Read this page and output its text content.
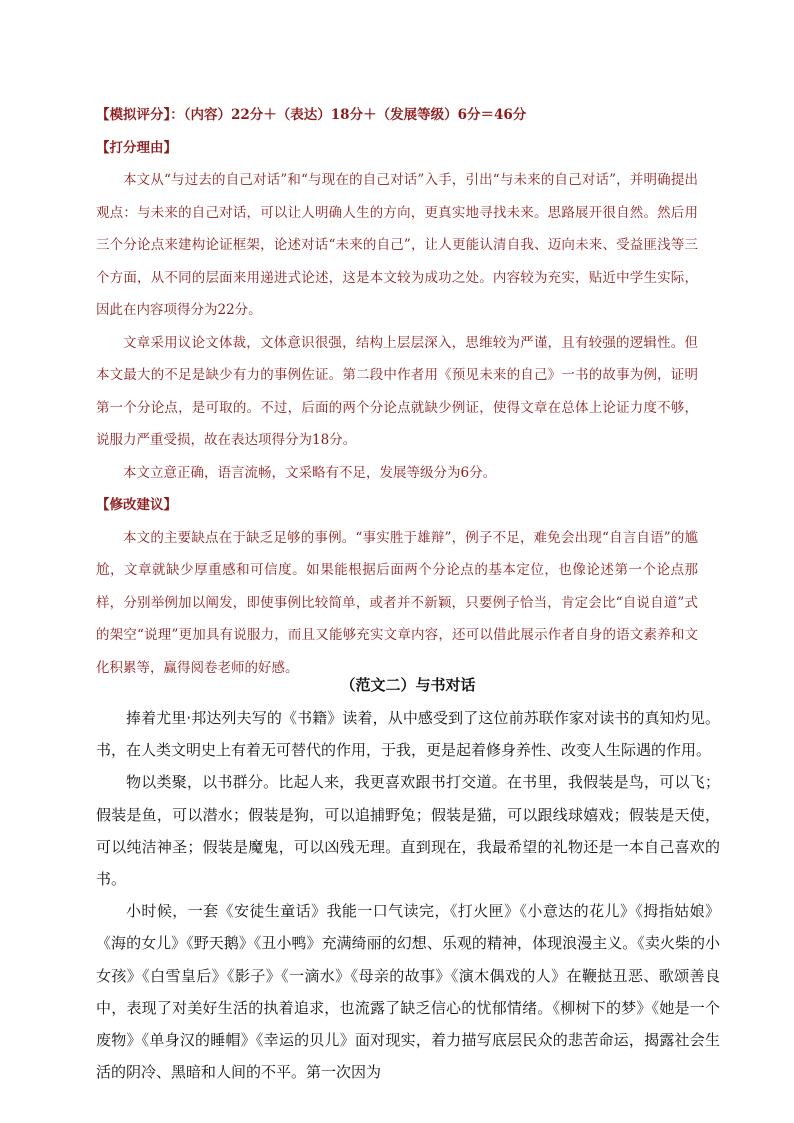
【模拟评分】：（内容）22分＋（表达）18分＋（发展等级）6分＝46分
【打分理由】

本文从“与过去的自己对话”和“与现在的自己对话”入手，引出“与未来的自己对话”，并明确提出观点：与未来的自己对话，可以让人明确人生的方向，更真实地寻找未来。思路展开很自然。然后用三个分论点来建构论证框架，论述对话“未来的自己”，让人更能认清自我、迈向未来、受益匪浅等三个方面，从不同的层面来用递进式论述，这是本文较为成功之处。内容较为充实，贴近中学生实际，因此在内容项得分为22分。

文章采用议论文体裁，文体意识很强，结构上层层深入，思维较为严谨，且有较强的逻辑性。但本文最大的不足是缺少有力的事例佐证。第二段中作者用《预见未来的自己》一书的故事为例，证明第一个分论点，是可取的。不过，后面的两个分论点就缺少例证，使得文章在总体上论证力度不够，说服力严重受损，故在表达项得分为18分。

本文立意正确，语言流畅，文采略有不足，发展等级分为6分。

【修改建议】

本文的主要缺点在于缺乏足够的事例。“事实胜于雄辩”，例子不足，难免会出现“自言自语”的尴尬，文章就缺少厚重感和可信度。如果能根据后面两个分论点的基本定位，也像论述第一个论点那样，分别举例加以阐发，即使事例比较简单，或者并不新颖，只要例子恰当，肯定会比“自说自道”式的架空“说理”更加具有说服力，而且又能够充实文章内容，还可以借此展示作者自身的语文素养和文化积累等，赢得阅卷老师的好感。

（范文二）与书对话

捧着尤里·邦达列夫写的《书籍》读着，从中感受到了这位前苏联作家对读书的真知灼见。书，在人类文明史上有着无可替代的作用，于我，更是起着修身养性、改变人生际遇的作用。

物以类聚，以书群分。比起人来，我更喜欢跟书打交道。在书里，我假装是鸟，可以飞；假装是鱼，可以潜水；假装是狗，可以追捕野兔；假装是猫，可以跟线球嬉戏；假装是天使，可以纯洁神圣；假装是魔鬼，可以凶残无理。直到现在，我最希望的礼物还是一本自己喜欢的书。

小时候，一套《安徒生童话》我能一口气读完，《打火匣》《小意达的花儿》《拇指姑娘》《海的女儿》《野天鹅》《丑小鸭》充满绮丽的幻想、乐观的精神，体现浪漫主义。《卖火柴的小女孩》《白雪皇后》《影子》《一滴水》《母亲的故事》《演木偶戏的人》在鞭挞丑恶、歌颂善良中，表现了对美好生活的执着追求，也流露了缺乏信心的忧郁情绪。《柳树下的梦》《她是一个废物》《单身汉的睡帽》《幸运的贝儿》面对现实，着力描写底层民众的悲苦命运，揭露社会生活的阴冷、黑暗和人间的不平。第一次因为
